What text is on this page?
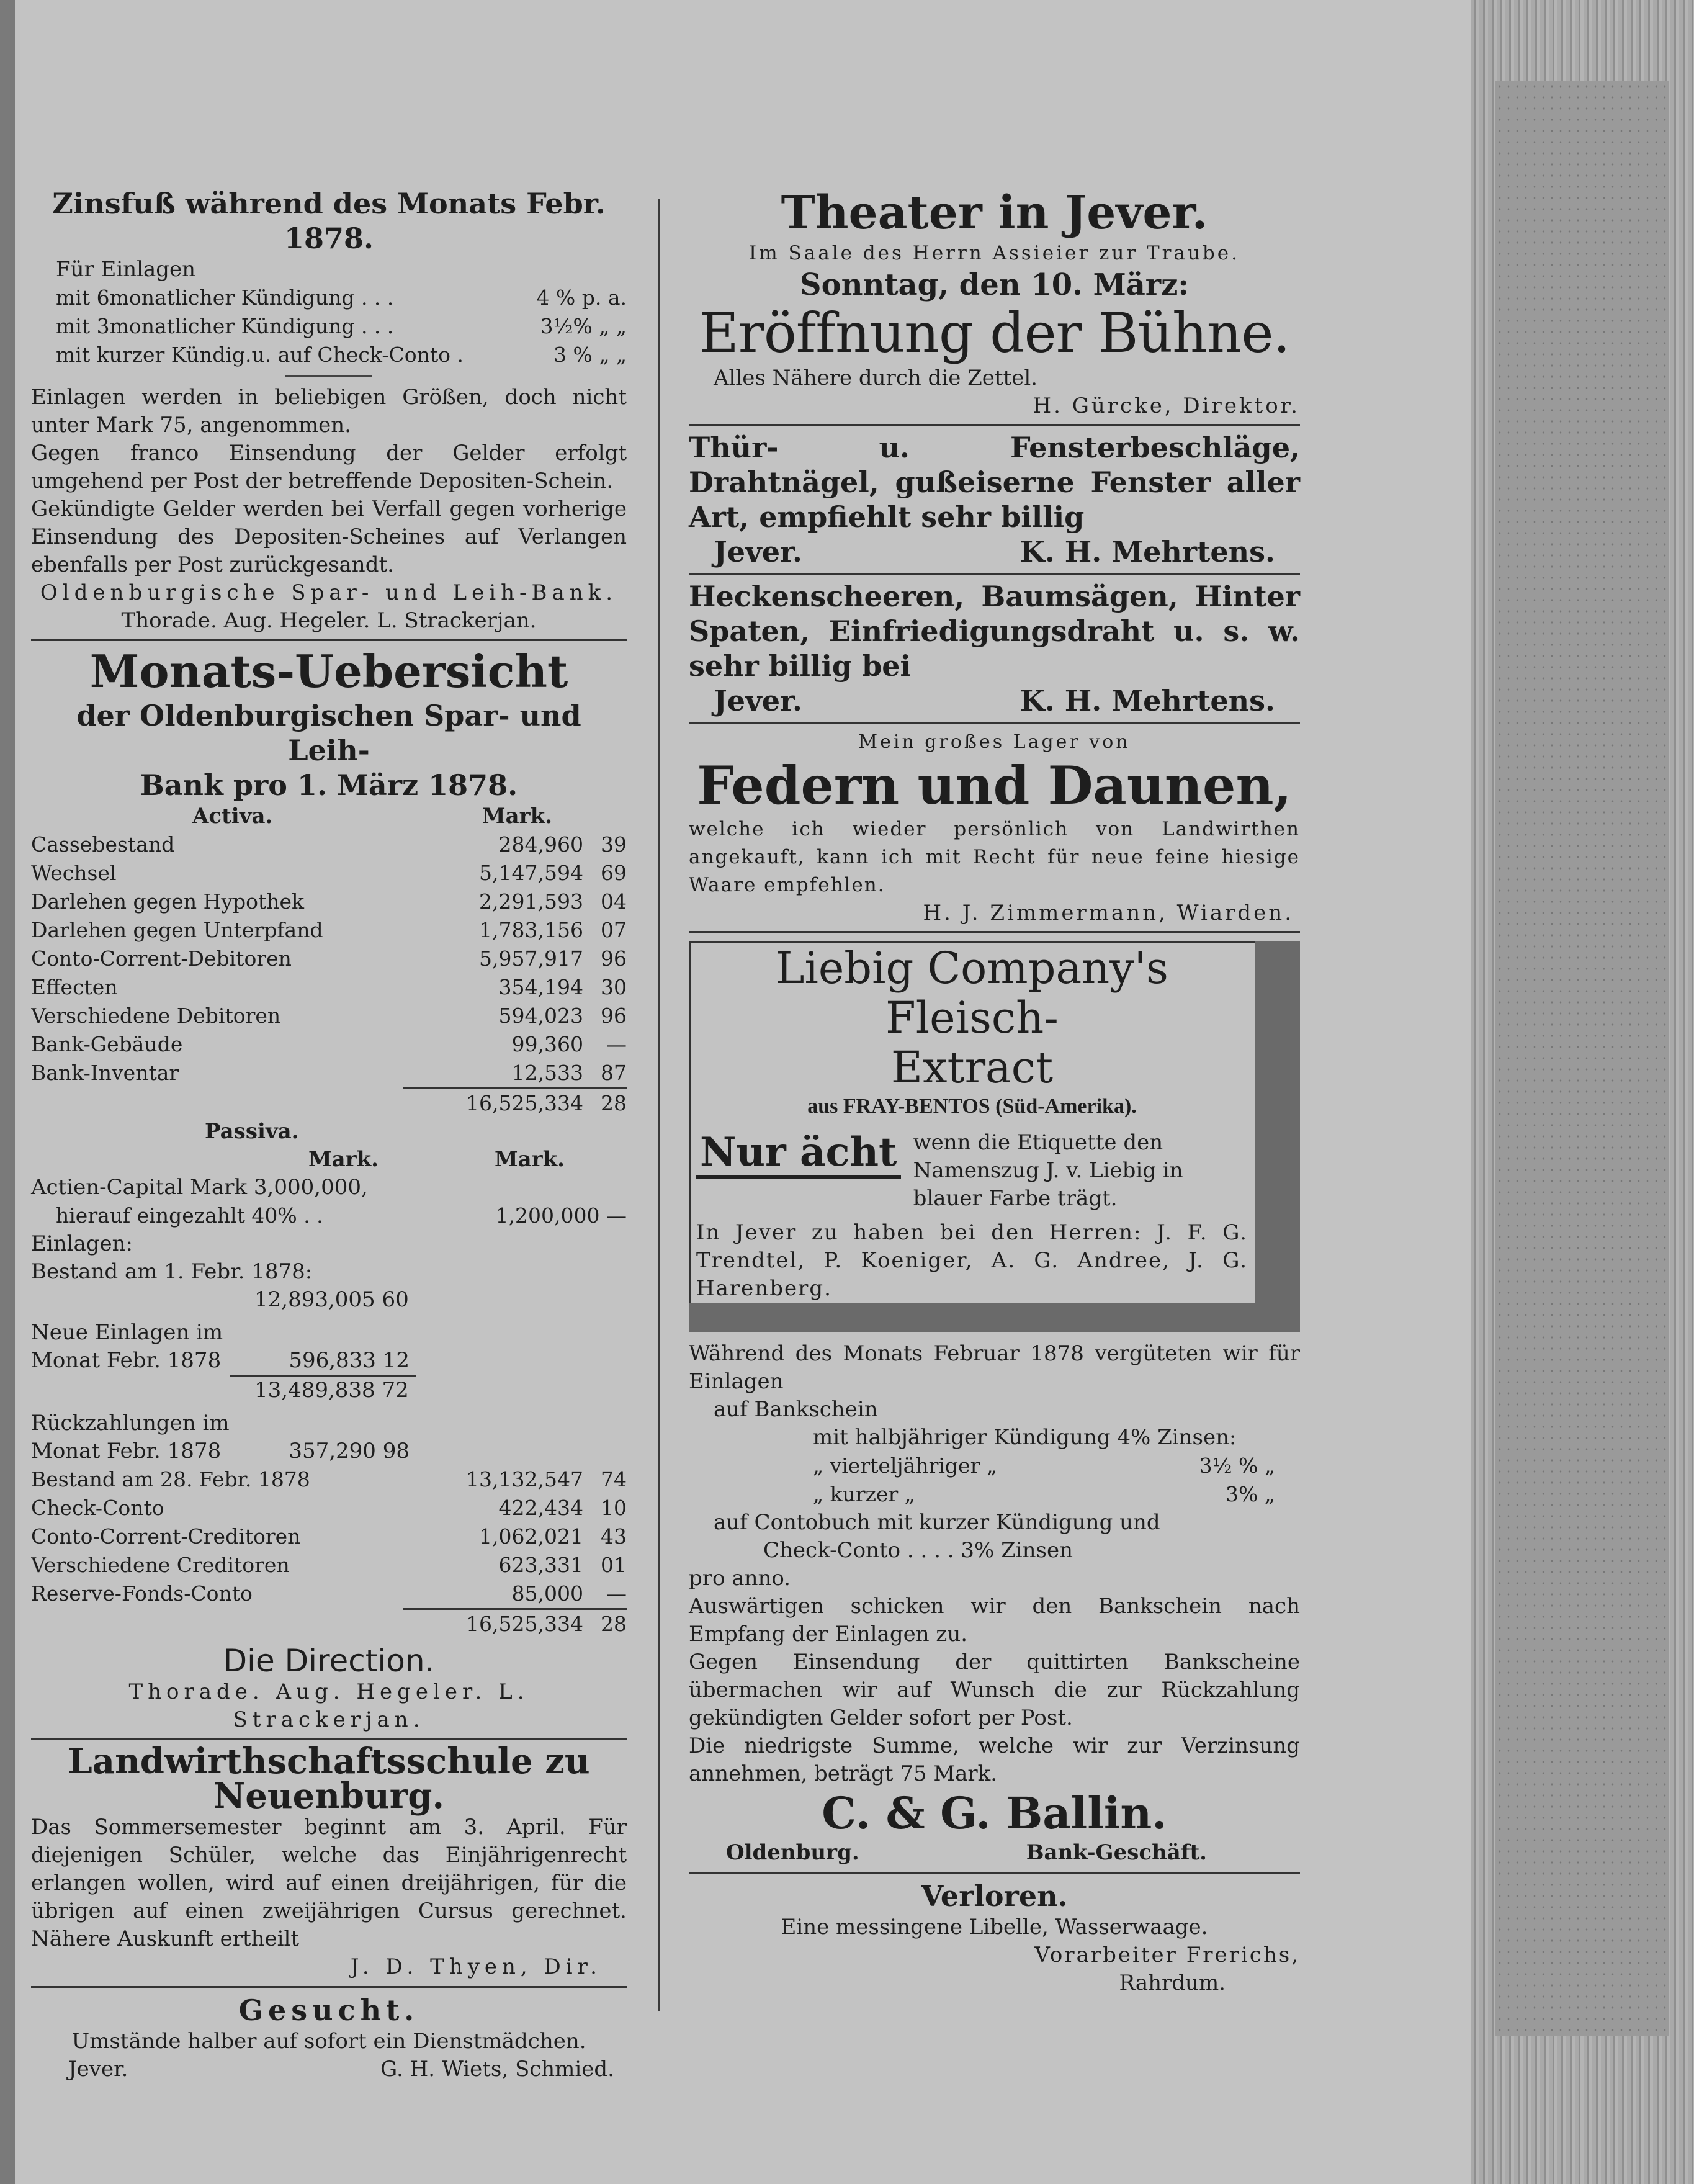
Zinsfuß während des Monats Febr. 1878.
Für Einlagen
mit 6monatlicher Kündigung . . .	4 % p. a.
mit 3monatlicher Kündigung . . .	3½% „ „
mit kurzer Kündig.u. auf Check-Conto .	3 % „ „
Einlagen werden in beliebigen Größen, doch nicht unter Mark 75, angenommen.
Gegen franco Einsendung der Gelder erfolgt umgehend per Post der betreffende Depositen-Schein.
Gekündigte Gelder werden bei Verfall gegen vorherige Einsendung des Depositen-Scheines auf Verlangen ebenfalls per Post zurückgesandt.
Oldenburgische Spar- und Leih-Bank.
Thorade. Aug. Hegeler. L. Strackerjan.
Monats-Uebersicht
der Oldenburgischen Spar- und Leih-
Bank pro 1. März 1878.
Activa.	Mark.
Cassebestand	284,960 39
Wechsel	5,147,594 69
Darlehen gegen Hypothek	2,291,593 04
Darlehen gegen Unterpfand	1,783,156 07
Conto-Corrent-Debitoren	5,957,917 96
Effecten	354,194 30
Verschiedene Debitoren	594,023 96
Bank-Gebäude	99,360	—
Bank-Inventar	12,533 87
16,525,334 28
Passiva.
Mark.	Mark.
Actien-Capital Mark 3,000,000,
hierauf eingezahlt 40% . .	1,200,000 —
Einlagen:
Bestand am 1. Febr. 1878:
12,893,005 60
Neue Einlagen im
Monat Febr. 1878	596,833 12
13,489,838 72
Rückzahlungen im
Monat Febr. 1878	357,290 98
Bestand am 28. Febr. 1878	13,132,547 74
Check-Conto	422,434 10
Conto-Corrent-Creditoren	1,062,021 43
Verschiedene Creditoren	623,331 01
Reserve-Fonds-Conto	85,000	—
16,525,334 28
Die Direction.
Thorade. Aug. Hegeler. L. Strackerjan.
Landwirthschaftsschule zu
Neuenburg.
Das Sommersemester beginnt am 3. April. Für diejenigen Schüler, welche das Einjährigenrecht erlangen wollen, wird auf einen dreijährigen, für die übrigen auf einen zweijährigen Cursus gerechnet. Nähere Auskunft ertheilt
J. D. Thyen, Dir.
Gesucht.
Umstände halber auf sofort ein Dienstmädchen.
Jever.	G. H. Wiets, Schmied.
Theater in Jever.
Im Saale des Herrn Assieier zur Traube.
Sonntag, den 10. März:
Eröffnung der Bühne.
Alles Nähere durch die Zettel.
H. Gürcke, Direktor.
Thür- u. Fensterbeschläge, Drahtnägel, gußeiserne Fenster aller Art, empfiehlt sehr billig
Jever.	K. H. Mehrtens.
Heckenscheeren, Baumsägen, Hinter Spaten, Einfriedigungsdraht u. s. w. sehr billig bei
Jever.	K. H. Mehrtens.
Mein großes Lager von
Federn und Daunen,
welche ich wieder persönlich von Landwirthen angekauft, kann ich mit Recht für neue feine hiesige Waare empfehlen.
H. J. Zimmermann, Wiarden.
Liebig Company's Fleisch-
Extract
aus FRAY-BENTOS (Süd-Amerika).
Nur ächt wenn die Etiquette den Namenszug J. v. Liebig in blauer Farbe trägt.
In Jever zu haben bei den Herren: J. F. G. Trendtel, P. Koeniger, A. G. Andree, J. G. Harenberg.
Während des Monats Februar 1878 vergüteten wir für Einlagen
auf Bankschein
mit halbjähriger Kündigung 4% Zinsen:
„ vierteljähriger „	3½ % „
„ kurzer „	3% „
auf Contobuch mit kurzer Kündigung und
Check-Conto . . . . 3% Zinsen
pro anno.
Auswärtigen schicken wir den Bankschein nach Empfang der Einlagen zu.
Gegen Einsendung der quittirten Bankscheine übermachen wir auf Wunsch die zur Rückzahlung gekündigten Gelder sofort per Post.
Die niedrigste Summe, welche wir zur Verzinsung annehmen, beträgt 75 Mark.
C. & G. Ballin.
Oldenburg.	Bank-Geschäft.
Verloren.
Eine messingene Libelle, Wasserwaage.
Vorarbeiter Frerichs,
Rahrdum.
